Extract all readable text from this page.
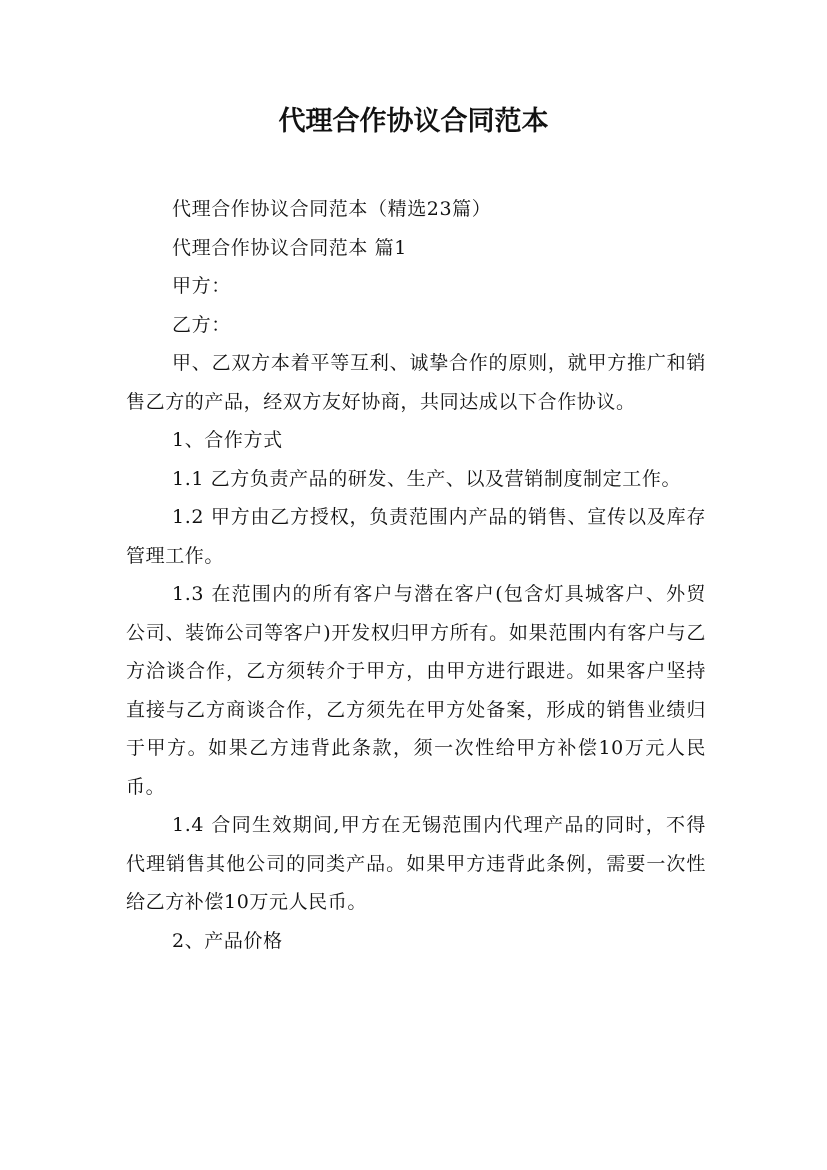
代理合作协议合同范本

代理合作协议合同范本（精选23篇）

代理合作协议合同范本 篇1

甲方：

乙方：

甲、乙双方本着平等互利、诚挚合作的原则，就甲方推广和销售乙方的产品，经双方友好协商，共同达成以下合作协议。

1、合作方式

1.1 乙方负责产品的研发、生产、以及营销制度制定工作。

1.2 甲方由乙方授权，负责范围内产品的销售、宣传以及库存管理工作。

1.3 在范围内的所有客户与潜在客户(包含灯具城客户、外贸公司、装饰公司等客户)开发权归甲方所有。如果范围内有客户与乙方洽谈合作，乙方须转介于甲方，由甲方进行跟进。如果客户坚持直接与乙方商谈合作，乙方须先在甲方处备案，形成的销售业绩归于甲方。如果乙方违背此条款，须一次性给甲方补偿10万元人民币。

1.4 合同生效期间,甲方在无锡范围内代理产品的同时，不得代理销售其他公司的同类产品。如果甲方违背此条例，需要一次性给乙方补偿10万元人民币。

2、产品价格
